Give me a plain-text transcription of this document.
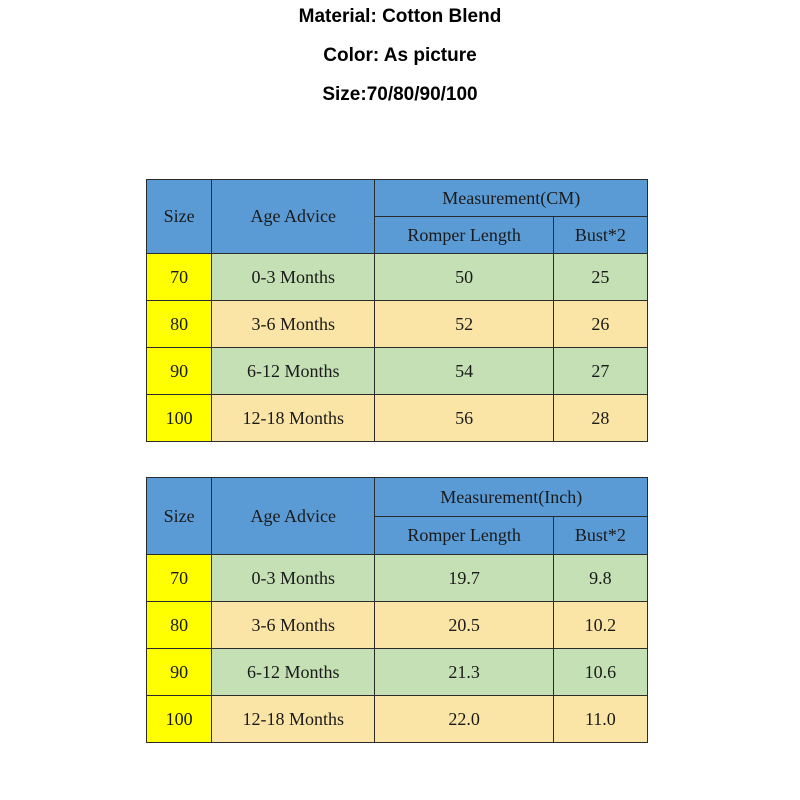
Material: Cotton Blend
Color: As picture
Size:70/80/90/100
Size	Age Advice	Measurement(CM)	
		Romper Length	Bust*2
70	0-3 Months	50	25
80	3-6 Months	52	26
90	6-12 Months	54	27
100	12-18 Months	56	28
Size	Age Advice	Measurement(Inch)	
		Romper Length	Bust*2
70	0-3 Months	19.7	9.8
80	3-6 Months	20.5	10.2
90	6-12 Months	21.3	10.6
100	12-18 Months	22.0	11.0
